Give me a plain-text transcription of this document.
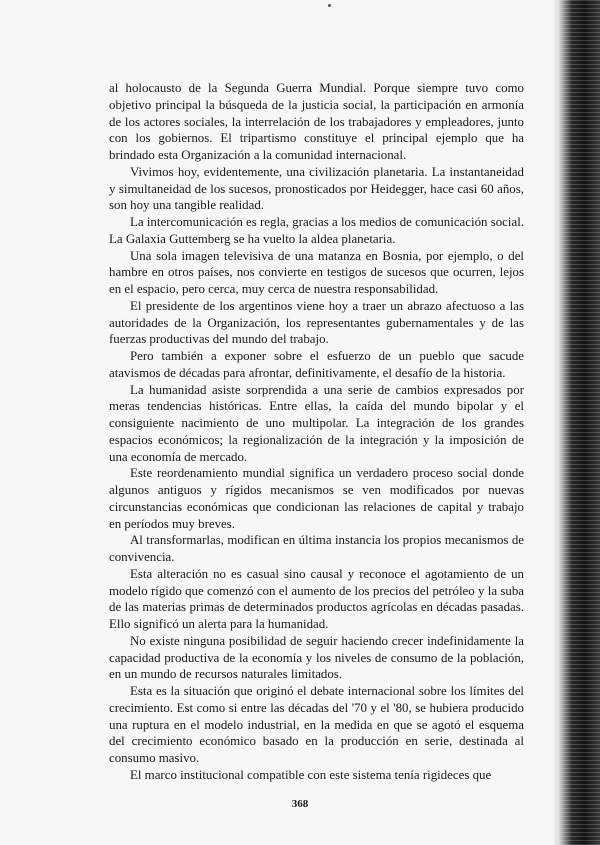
al holocausto de la Segunda Guerra Mundial. Porque siempre tuvo como objetivo principal la búsqueda de la justicia social, la participación en armonía de los actores sociales, la interrelación de los trabajadores y empleadores, junto con los gobiernos. El tripartismo constituye el principal ejemplo que ha brindado esta Organización a la comunidad internacional.

Vivimos hoy, evidentemente, una civilización planetaria. La instantaneidad y simultaneidad de los sucesos, pronosticados por Heidegger, hace casi 60 años, son hoy una tangible realidad.

La intercomunicación es regla, gracias a los medios de comunicación social. La Galaxia Guttemberg se ha vuelto la aldea planetaria.

Una sola imagen televisiva de una matanza en Bosnia, por ejemplo, o del hambre en otros países, nos convierte en testigos de sucesos que ocurren, lejos en el espacio, pero cerca, muy cerca de nuestra responsabilidad.

El presidente de los argentinos viene hoy a traer un abrazo afectuoso a las autoridades de la Organización, los representantes gubernamentales y de las fuerzas productivas del mundo del trabajo.

Pero también a exponer sobre el esfuerzo de un pueblo que sacude atavismos de décadas para afrontar, definitivamente, el desafío de la historia.

La humanidad asiste sorprendida a una serie de cambios expresados por meras tendencias históricas. Entre ellas, la caída del mundo bipolar y el consiguiente nacimiento de uno multipolar. La integración de los grandes espacios económicos; la regionalización de la integración y la imposición de una economía de mercado.

Este reordenamiento mundial significa un verdadero proceso social donde algunos antiguos y rígidos mecanismos se ven modificados por nuevas circunstancias económicas que condicionan las relaciones de capital y trabajo en períodos muy breves.

Al transformarlas, modifican en última instancia los propios mecanismos de convivencia.

Esta alteración no es casual sino causal y reconoce el agotamiento de un modelo rígido que comenzó con el aumento de los precios del petróleo y la suba de las materias primas de determinados productos agrícolas en décadas pasadas. Ello significó un alerta para la humanidad.

No existe ninguna posibilidad de seguir haciendo crecer indefinidamente la capacidad productiva de la economía y los niveles de consumo de la población, en un mundo de recursos naturales limitados.

Esta es la situación que originó el debate internacional sobre los límites del crecimiento. Est como si entre las décadas del '70 y el '80, se hubiera producido una ruptura en el modelo industrial, en la medida en que se agotó el esquema del crecimiento económico basado en la producción en serie, destinada al consumo masivo.

El marco institucional compatible con este sistema tenía rigideces que

368
